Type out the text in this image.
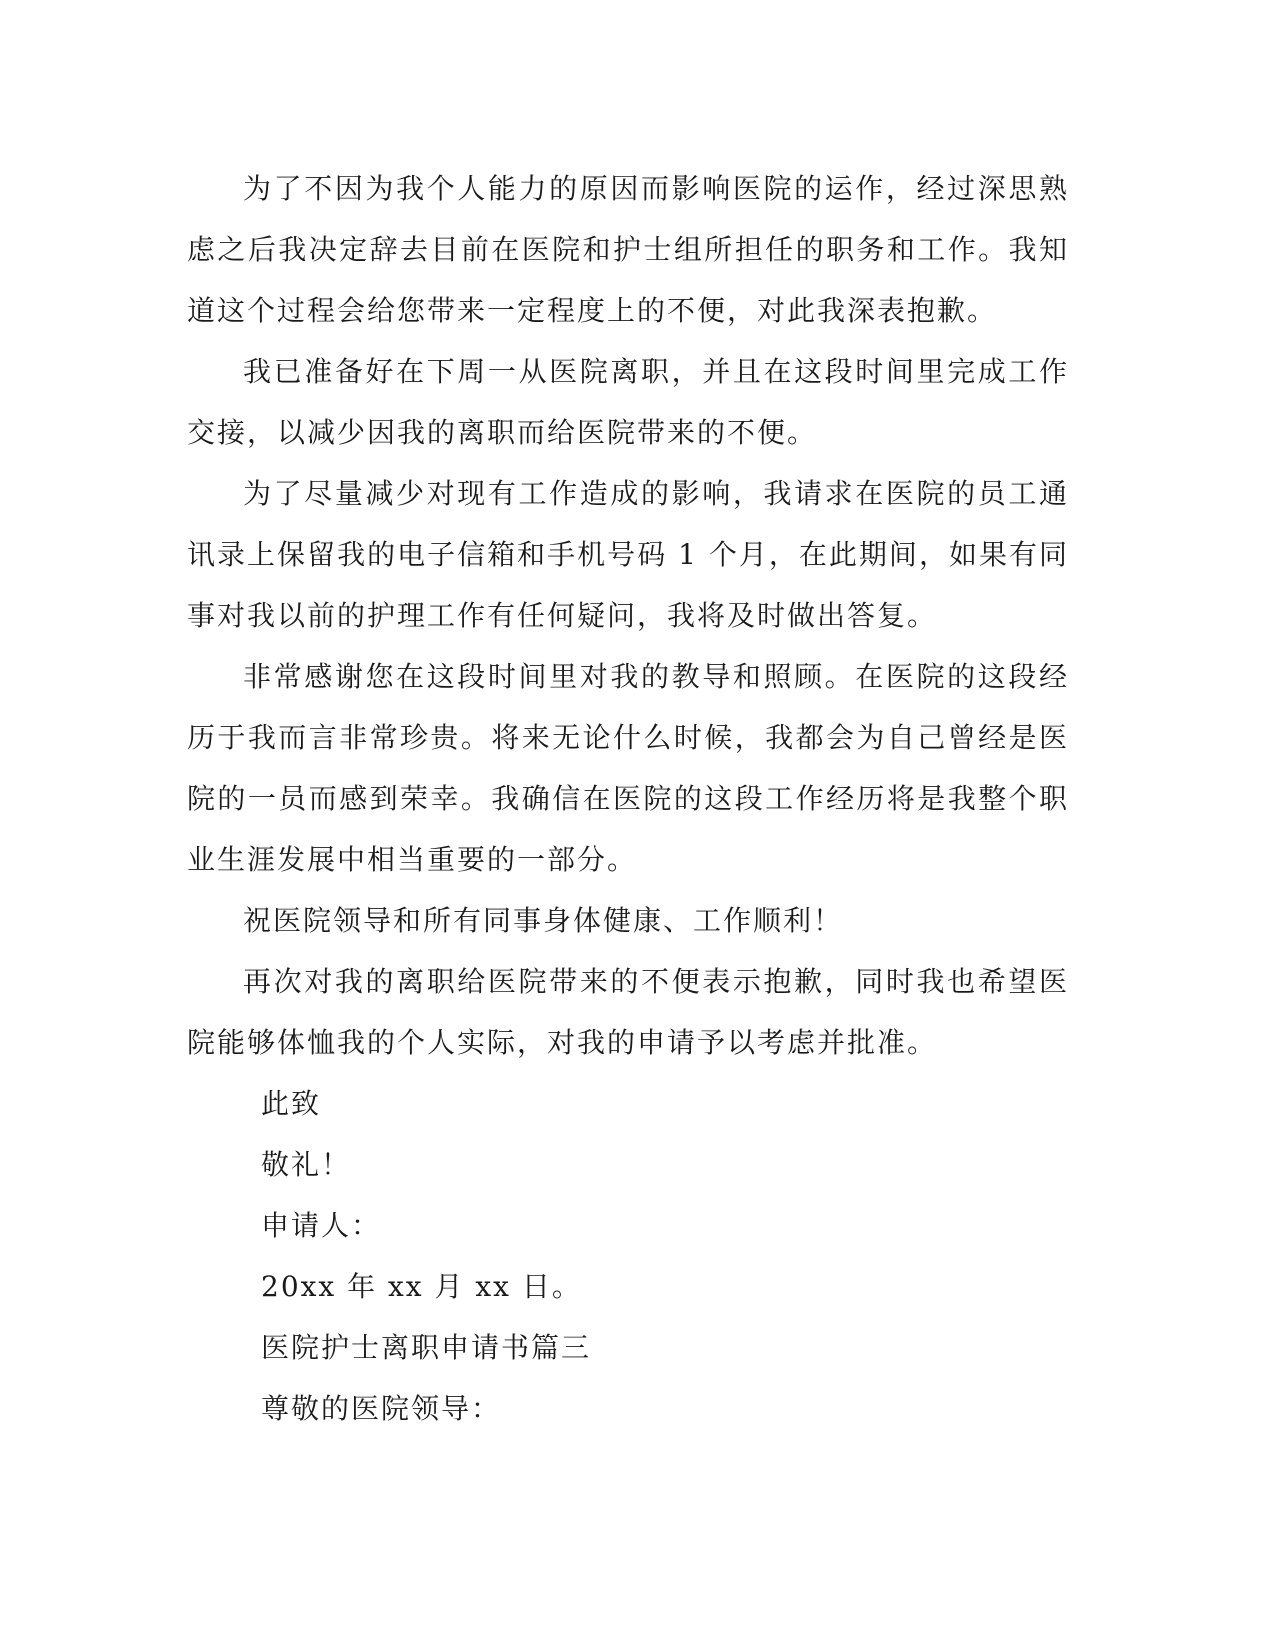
为了不因为我个人能力的原因而影响医院的运作，经过深思熟虑之后我决定辞去目前在医院和护士组所担任的职务和工作。我知道这个过程会给您带来一定程度上的不便，对此我深表抱歉。

我已准备好在下周一从医院离职，并且在这段时间里完成工作交接，以减少因我的离职而给医院带来的不便。

为了尽量减少对现有工作造成的影响，我请求在医院的员工通讯录上保留我的电子信箱和手机号码 1 个月，在此期间，如果有同事对我以前的护理工作有任何疑问，我将及时做出答复。

非常感谢您在这段时间里对我的教导和照顾。在医院的这段经历于我而言非常珍贵。将来无论什么时候，我都会为自己曾经是医院的一员而感到荣幸。我确信在医院的这段工作经历将是我整个职业生涯发展中相当重要的一部分。

祝医院领导和所有同事身体健康、工作顺利！

再次对我的离职给医院带来的不便表示抱歉，同时我也希望医院能够体恤我的个人实际，对我的申请予以考虑并批准。

此致

敬礼！

申请人：

20xx 年 xx 月 xx 日。

医院护士离职申请书篇三

尊敬的医院领导：
